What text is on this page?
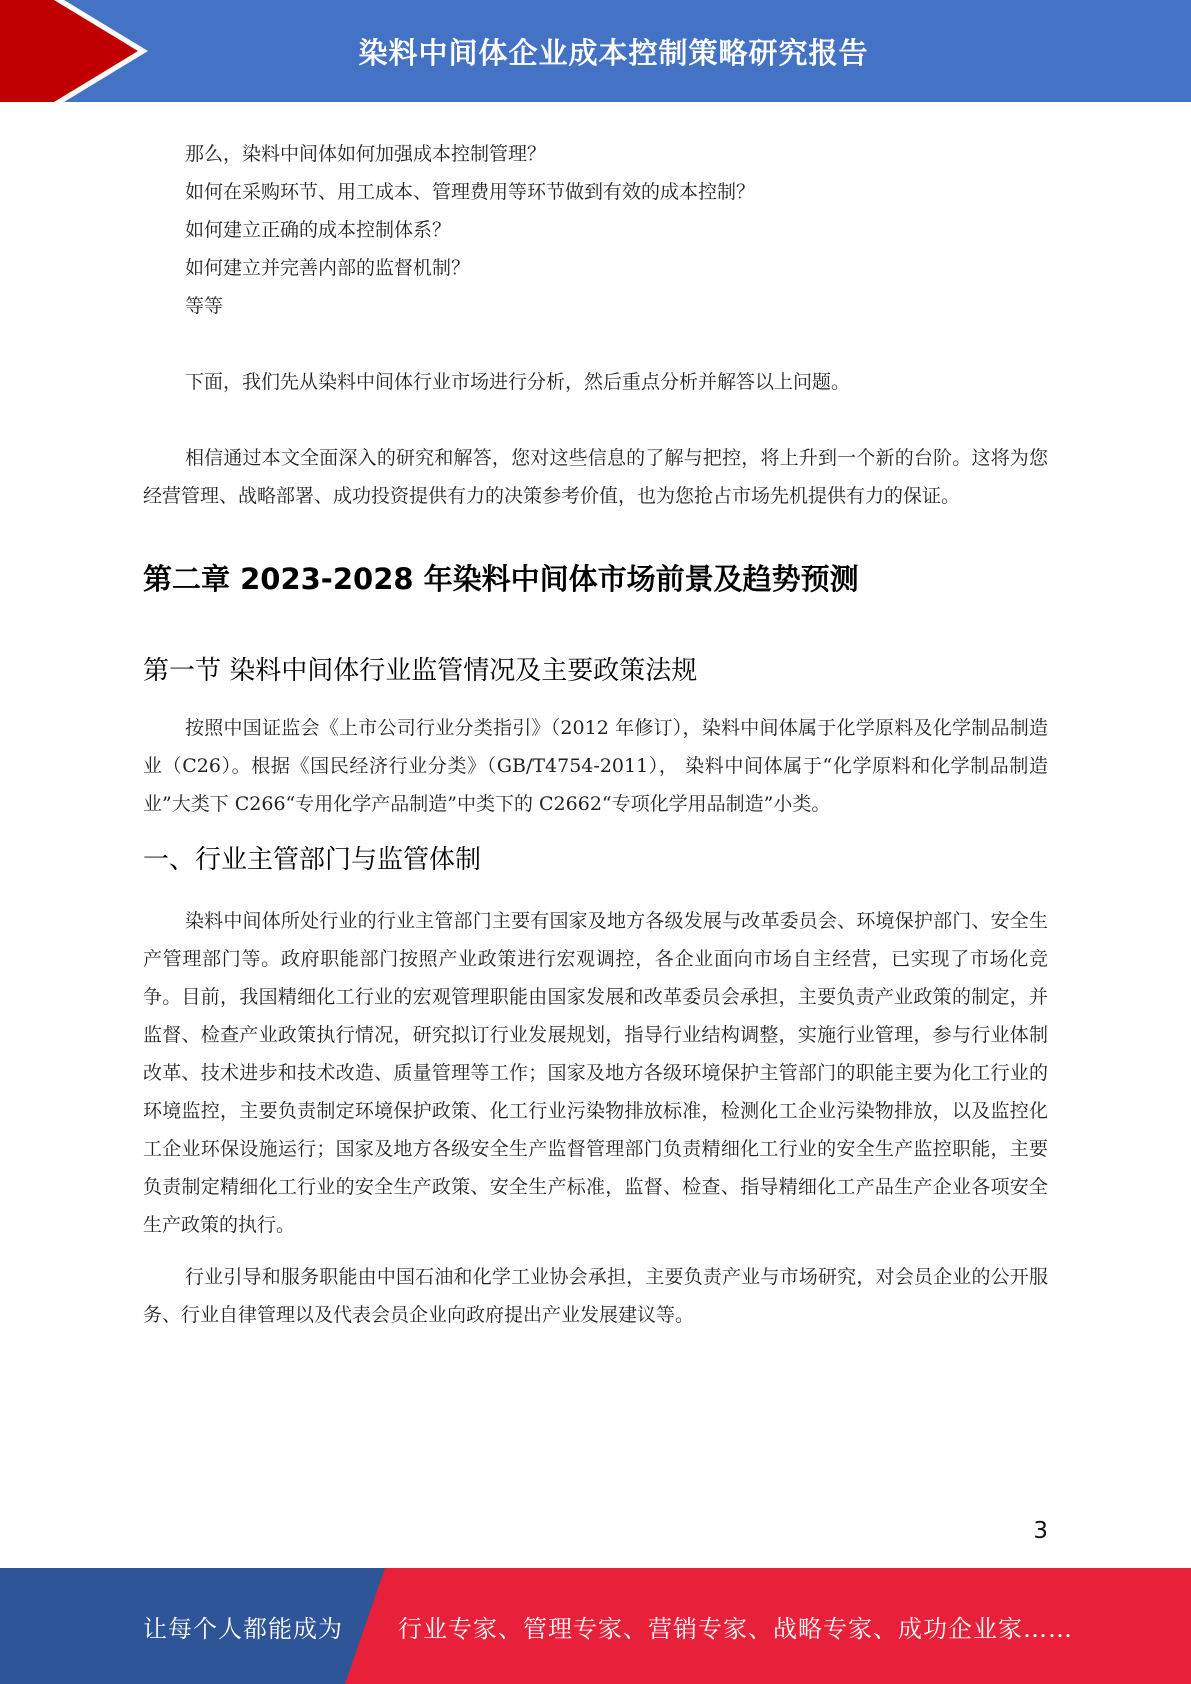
染料中间体企业成本控制策略研究报告

那么，染料中间体如何加强成本控制管理？

如何在采购环节、用工成本、管理费用等环节做到有效的成本控制？

如何建立正确的成本控制体系？

如何建立并完善内部的监督机制？

等等

下面，我们先从染料中间体行业市场进行分析，然后重点分析并解答以上问题。

相信通过本文全面深入的研究和解答，您对这些信息的了解与把控，将上升到一个新的台阶。这将为您经营管理、战略部署、成功投资提供有力的决策参考价值，也为您抢占市场先机提供有力的保证。

第二章 2023-2028 年染料中间体市场前景及趋势预测
第一节 染料中间体行业监管情况及主要政策法规

按照中国证监会《上市公司行业分类指引》（2012 年修订），染料中间体属于化学原料及化学制品制造业（C26）。根据《国民经济行业分类》（GB/T4754-2011）， 染料中间体属于“化学原料和化学制品制造业”大类下 C266“专用化学产品制造”中类下的 C2662“专项化学用品制造”小类。

一、行业主管部门与监管体制

染料中间体所处行业的行业主管部门主要有国家及地方各级发展与改革委员会、环境保护部门、安全生产管理部门等。政府职能部门按照产业政策进行宏观调控，各企业面向市场自主经营，已实现了市场化竞争。目前，我国精细化工行业的宏观管理职能由国家发展和改革委员会承担，主要负责产业政策的制定，并监督、检查产业政策执行情况，研究拟订行业发展规划，指导行业结构调整，实施行业管理，参与行业体制改革、技术进步和技术改造、质量管理等工作；国家及地方各级环境保护主管部门的职能主要为化工行业的环境监控，主要负责制定环境保护政策、化工行业污染物排放标准，检测化工企业污染物排放，以及监控化工企业环保设施运行；国家及地方各级安全生产监督管理部门负责精细化工行业的安全生产监控职能，主要负责制定精细化工行业的安全生产政策、安全生产标准，监督、检查、指导精细化工产品生产企业各项安全生产政策的执行。

行业引导和服务职能由中国石油和化学工业协会承担，主要负责产业与市场研究，对会员企业的公开服务、行业自律管理以及代表会员企业向政府提出产业发展建议等。

3
让每个人都能成为 行业专家、管理专家、营销专家、战略专家、成功企业家……
